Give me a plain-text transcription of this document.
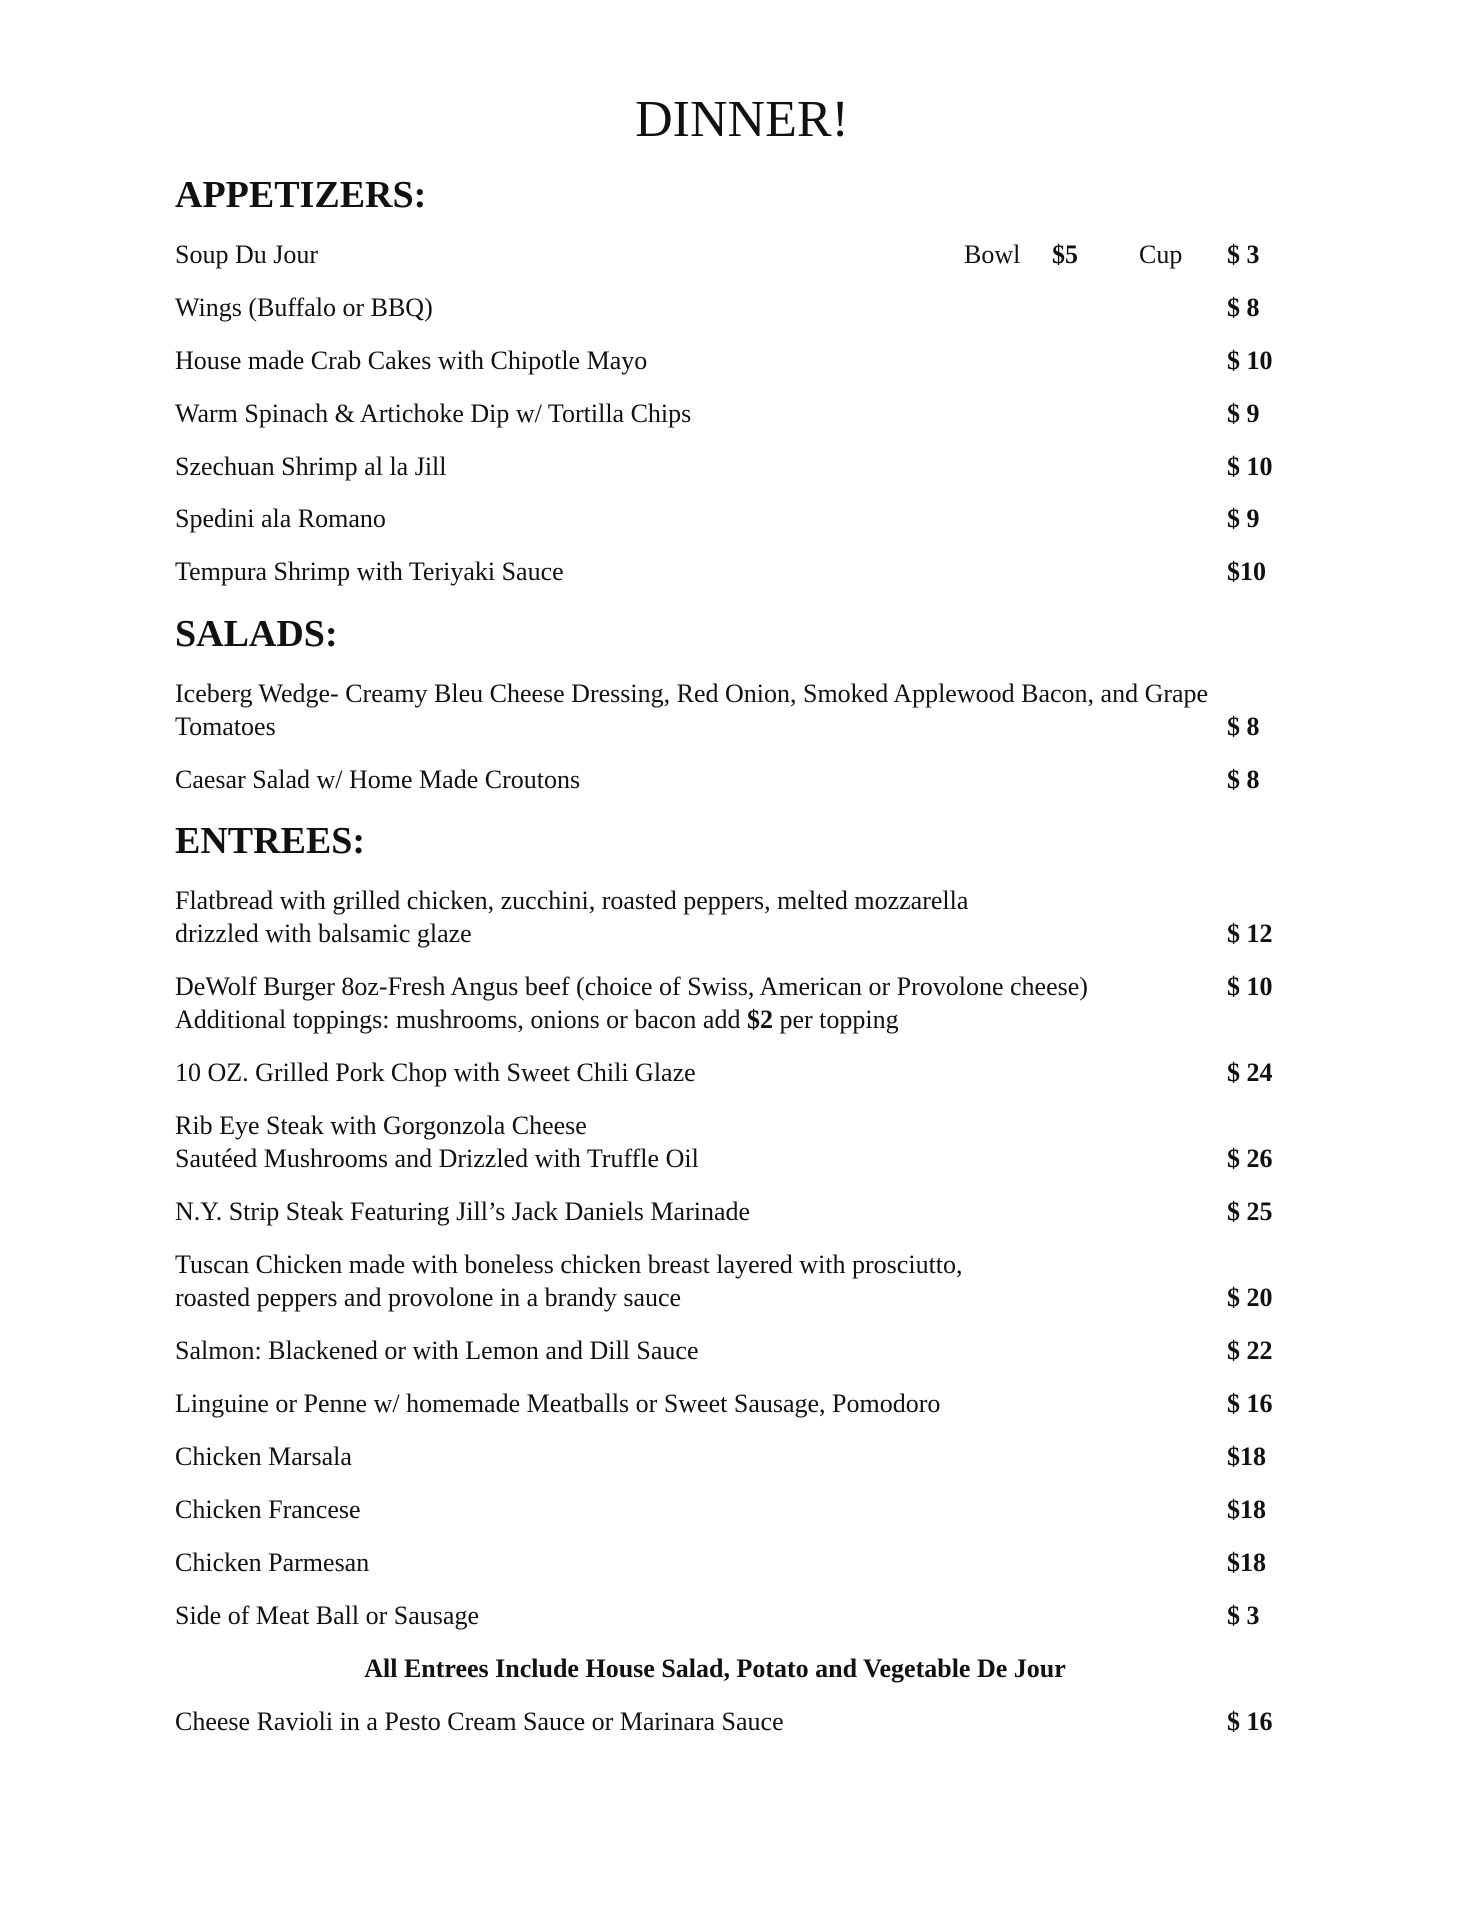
DINNER!
APPETIZERS:
Soup Du Jour	Bowl $5 Cup $ 3
Wings (Buffalo or BBQ)	$ 8
House made Crab Cakes with Chipotle Mayo	$ 10
Warm Spinach & Artichoke Dip w/ Tortilla Chips	$ 9
Szechuan Shrimp al la Jill	$ 10
Spedini ala Romano	$ 9
Tempura Shrimp with Teriyaki Sauce	$10
SALADS:
Iceberg Wedge- Creamy Bleu Cheese Dressing, Red Onion, Smoked Applewood Bacon, and Grape
Tomatoes	$ 8
Caesar Salad w/ Home Made Croutons	$ 8
ENTREES:
Flatbread with grilled chicken, zucchini, roasted peppers, melted mozzarella
drizzled with balsamic glaze	$ 12
DeWolf Burger 8oz-Fresh Angus beef (choice of Swiss, American or Provolone cheese)	$ 10
Additional toppings: mushrooms, onions or bacon add $2 per topping
10 OZ. Grilled Pork Chop with Sweet Chili Glaze	$ 24
Rib Eye Steak with Gorgonzola Cheese
Sautéed Mushrooms and Drizzled with Truffle Oil	$ 26
N.Y. Strip Steak Featuring Jill’s Jack Daniels Marinade	$ 25
Tuscan Chicken made with boneless chicken breast layered with prosciutto,
roasted peppers and provolone in a brandy sauce	$ 20
Salmon: Blackened or with Lemon and Dill Sauce	$ 22
Linguine or Penne w/ homemade Meatballs or Sweet Sausage, Pomodoro	$ 16
Chicken Marsala	$18
Chicken Francese	$18
Chicken Parmesan	$18
Side of Meat Ball or Sausage	$ 3
All Entrees Include House Salad, Potato and Vegetable De Jour
Cheese Ravioli in a Pesto Cream Sauce or Marinara Sauce	$ 16
